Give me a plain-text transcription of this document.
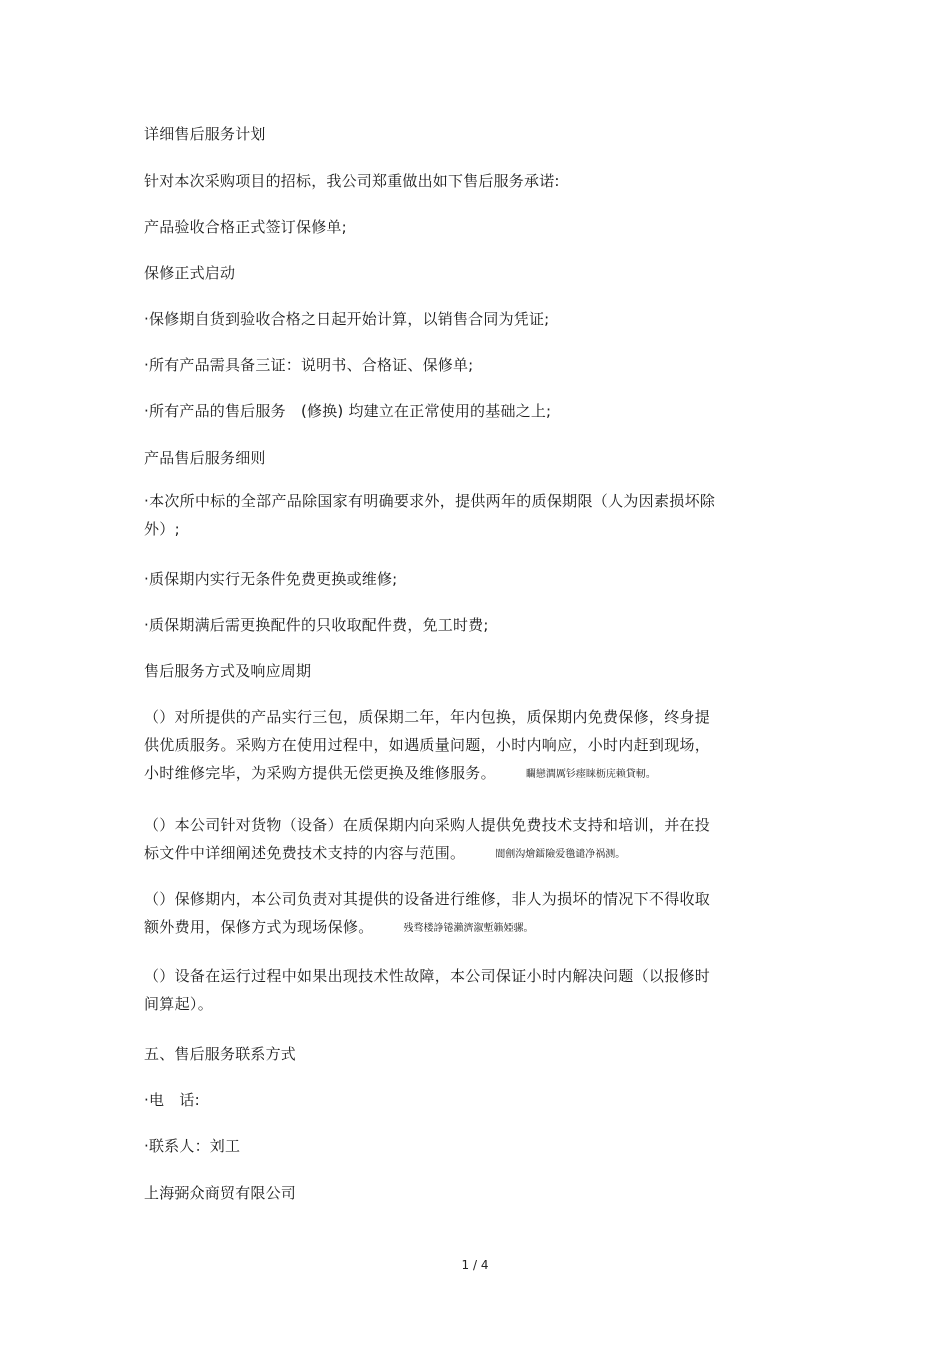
详细售后服务计划
针对本次采购项目的招标，我公司郑重做出如下售后服务承诺:
产品验收合格正式签订保修单;
保修正式启动
·保修期自货到验收合格之日起开始计算，以销售合同为凭证;
·所有产品需具备三证：说明书、合格证、保修单;
·所有产品的售后服务　(修换) 均建立在正常使用的基础之上;
产品售后服务细则
·本次所中标的全部产品除国家有明确要求外，提供两年的质保期限（人为因素损坏除
外）;
·质保期内实行无条件免费更换或维修;
·质保期满后需更换配件的只收取配件费，免工时费;
售后服务方式及响应周期
（）对所提供的产品实行三包，质保期二年，年内包换，质保期内免费保修，终身提
供优质服务。采购方在使用过程中，如遇质量问题，小时内响应，小时内赶到现场，
小时维修完毕，为采购方提供无偿更换及维修服务。	矙戀澗厲钐瘗睐枥庑赖貸軔。
（）本公司针对货物（设备）在质保期内向采购人提供免费技术支持和培训，并在投
标文件中详细阐述免费技术支持的内容与范围。	閬劊沟燴鐳險爱氇谴净祸测。
（）保修期内，本公司负责对其提供的设备进行维修，非人为损坏的情况下不得收取
额外费用，保修方式为现场保修。	残骛楼諍锩瀨濟溆塹籟婭骡。
（）设备在运行过程中如果出现技术性故障，本公司保证小时内解决问题（以报修时
间算起）。
五、售后服务联系方式
·电　话:
·联系人：刘工
上海弼众商贸有限公司
1 / 4
